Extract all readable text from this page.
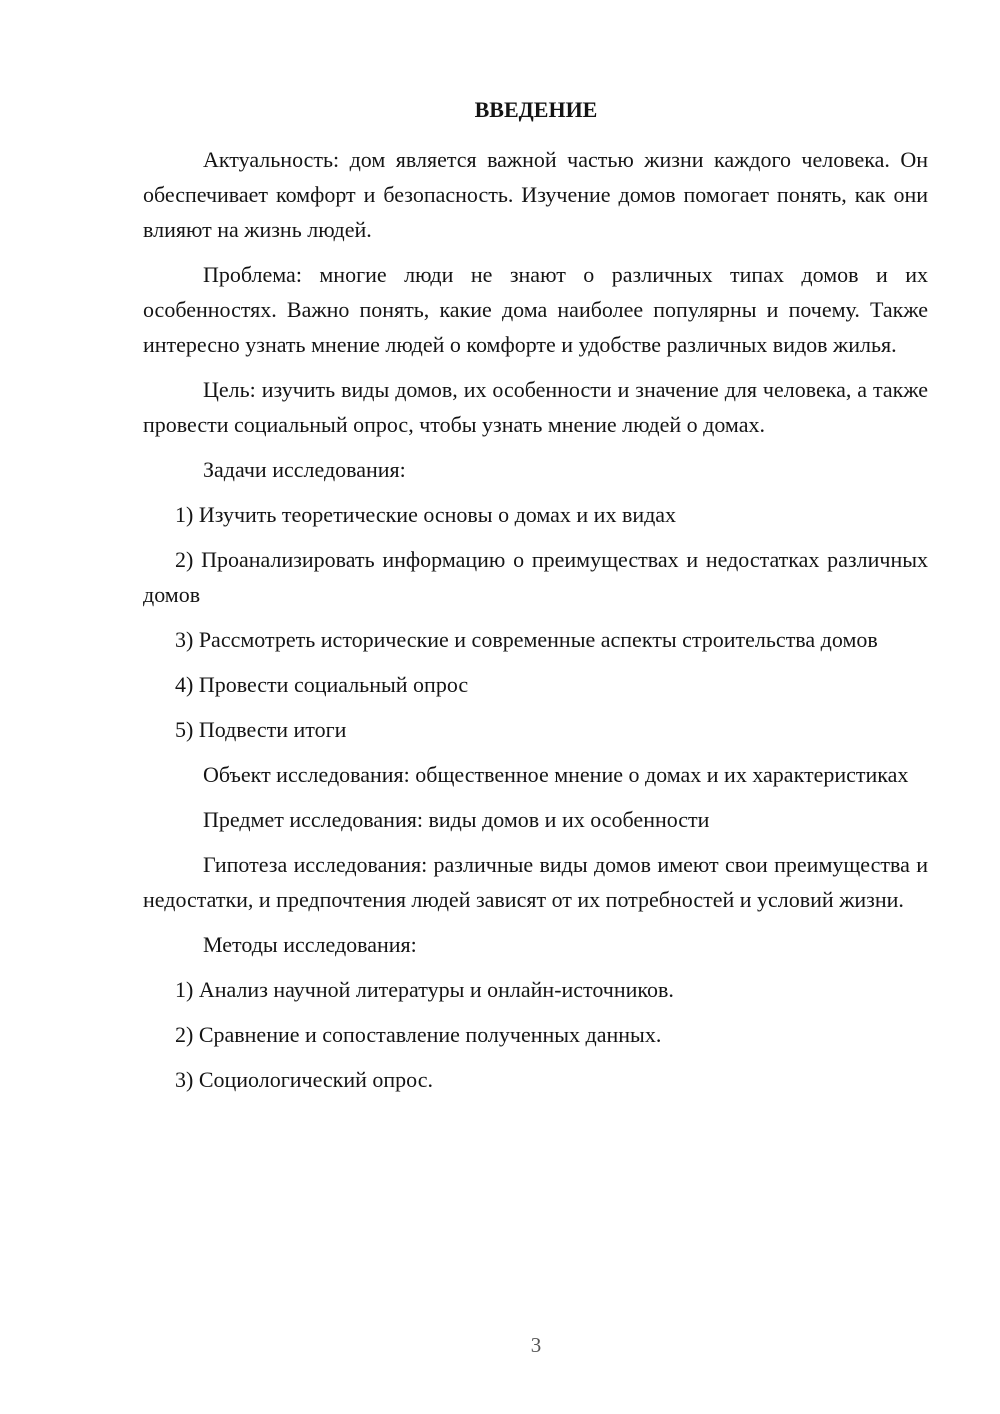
ВВЕДЕНИЕ

Актуальность: дом является важной частью жизни каждого человека. Он обеспечивает комфорт и безопасность. Изучение домов помогает понять, как они влияют на жизнь людей.

Проблема: многие люди не знают о различных типах домов и их особенностях. Важно понять, какие дома наиболее популярны и почему. Также интересно узнать мнение людей о комфорте и удобстве различных видов жилья.

Цель: изучить виды домов, их особенности и значение для человека, а также провести социальный опрос, чтобы узнать мнение людей о домах.

Задачи исследования:

1) Изучить теоретические основы о домах и их видах

2) Проанализировать информацию о преимуществах и недостатках различных домов

3) Рассмотреть исторические и современные аспекты строительства домов

4) Провести социальный опрос

5) Подвести итоги

Объект исследования: общественное мнение о домах и их характеристиках

Предмет исследования: виды домов и их особенности

Гипотеза исследования: различные виды домов имеют свои преимущества и недостатки, и предпочтения людей зависят от их потребностей и условий жизни.

Методы исследования:

1) Анализ научной литературы и онлайн-источников.

2) Сравнение и сопоставление полученных данных.

3) Социологический опрос.

3
